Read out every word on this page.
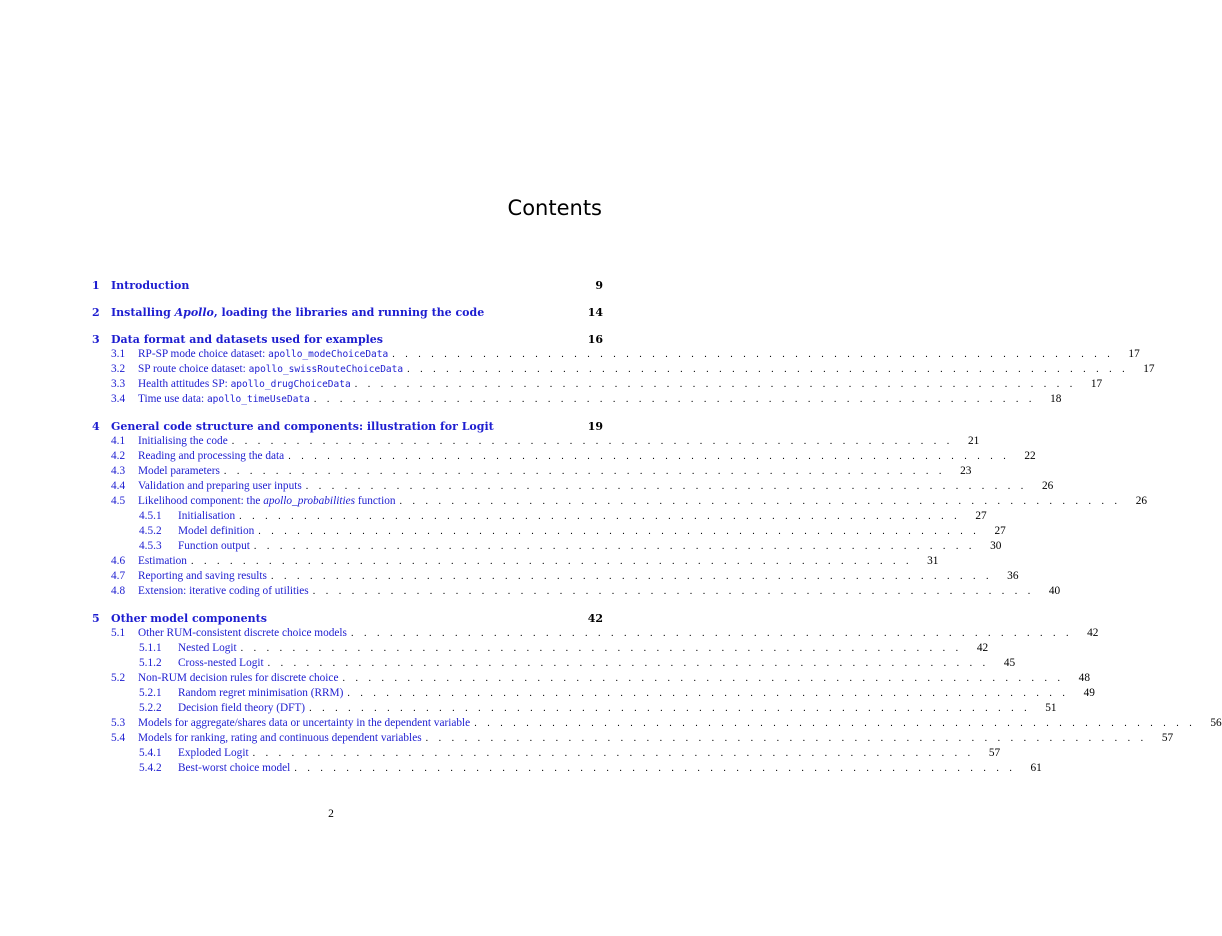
Contents
1	Introduction	9
2	Installing Apollo, loading the libraries and running the code	14
3	Data format and datasets used for examples	16
3.1	RP-SP mode choice dataset: apollo_modeChoiceData . . . . . . . . . . . . . . . . . . . . . . . . . . . . . . . . . . . . . . . . . . . . . . . . . . . . . . . .	17
3.2	SP route choice dataset: apollo_swissRouteChoiceData . . . . . . . . . . . . . . . . . . . . . . . . . . . . . . . . . . . . . . . . . . . . . . . . . . . . . . . .	17
3.3	Health attitudes SP: apollo_drugChoiceData . . . . . . . . . . . . . . . . . . . . . . . . . . . . . . . . . . . . . . . . . . . . . . . . . . . . . . . .	17
3.4	Time use data: apollo_timeUseData . . . . . . . . . . . . . . . . . . . . . . . . . . . . . . . . . . . . . . . . . . . . . . . . . . . . . . . .	18
4	General code structure and components: illustration for Logit	19
4.1	Initialising the code . . . . . . . . . . . . . . . . . . . . . . . . . . . . . . . . . . . . . . . . . . . . . . . . . . . . . . . .	21
4.2	Reading and processing the data . . . . . . . . . . . . . . . . . . . . . . . . . . . . . . . . . . . . . . . . . . . . . . . . . . . . . . . .	22
4.3	Model parameters . . . . . . . . . . . . . . . . . . . . . . . . . . . . . . . . . . . . . . . . . . . . . . . . . . . . . . . .	23
4.4	Validation and preparing user inputs . . . . . . . . . . . . . . . . . . . . . . . . . . . . . . . . . . . . . . . . . . . . . . . . . . . . . . . .	26
4.5	Likelihood component: the apollo_probabilities function . . . . . . . . . . . . . . . . . . . . . . . . . . . . . . . . . . . . . . . . . . . . . . . . . . . . . . . .	26
4.5.1	Initialisation . . . . . . . . . . . . . . . . . . . . . . . . . . . . . . . . . . . . . . . . . . . . . . . . . . . . . . . .	27
4.5.2	Model definition . . . . . . . . . . . . . . . . . . . . . . . . . . . . . . . . . . . . . . . . . . . . . . . . . . . . . . . .	27
4.5.3	Function output . . . . . . . . . . . . . . . . . . . . . . . . . . . . . . . . . . . . . . . . . . . . . . . . . . . . . . . .	30
4.6	Estimation . . . . . . . . . . . . . . . . . . . . . . . . . . . . . . . . . . . . . . . . . . . . . . . . . . . . . . . .	31
4.7	Reporting and saving results . . . . . . . . . . . . . . . . . . . . . . . . . . . . . . . . . . . . . . . . . . . . . . . . . . . . . . . .	36
4.8	Extension: iterative coding of utilities . . . . . . . . . . . . . . . . . . . . . . . . . . . . . . . . . . . . . . . . . . . . . . . . . . . . . . . .	40
5	Other model components	42
5.1	Other RUM-consistent discrete choice models . . . . . . . . . . . . . . . . . . . . . . . . . . . . . . . . . . . . . . . . . . . . . . . . . . . . . . . .	42
5.1.1	Nested Logit . . . . . . . . . . . . . . . . . . . . . . . . . . . . . . . . . . . . . . . . . . . . . . . . . . . . . . . .	42
5.1.2	Cross-nested Logit . . . . . . . . . . . . . . . . . . . . . . . . . . . . . . . . . . . . . . . . . . . . . . . . . . . . . . . .	45
5.2	Non-RUM decision rules for discrete choice . . . . . . . . . . . . . . . . . . . . . . . . . . . . . . . . . . . . . . . . . . . . . . . . . . . . . . . .	48
5.2.1	Random regret minimisation (RRM) . . . . . . . . . . . . . . . . . . . . . . . . . . . . . . . . . . . . . . . . . . . . . . . . . . . . . . . .	49
5.2.2	Decision field theory (DFT) . . . . . . . . . . . . . . . . . . . . . . . . . . . . . . . . . . . . . . . . . . . . . . . . . . . . . . . .	51
5.3	Models for aggregate/shares data or uncertainty in the dependent variable . . . . . . . . . . . . . . . . . . . . . . . . . . . . . . . . . . . . . . . . . . . . . . . . . . . . . . . .	56
5.4	Models for ranking, rating and continuous dependent variables . . . . . . . . . . . . . . . . . . . . . . . . . . . . . . . . . . . . . . . . . . . . . . . . . . . . . . . .	57
5.4.1	Exploded Logit . . . . . . . . . . . . . . . . . . . . . . . . . . . . . . . . . . . . . . . . . . . . . . . . . . . . . . . .	57
5.4.2	Best-worst choice model . . . . . . . . . . . . . . . . . . . . . . . . . . . . . . . . . . . . . . . . . . . . . . . . . . . . . . . .	61
2
